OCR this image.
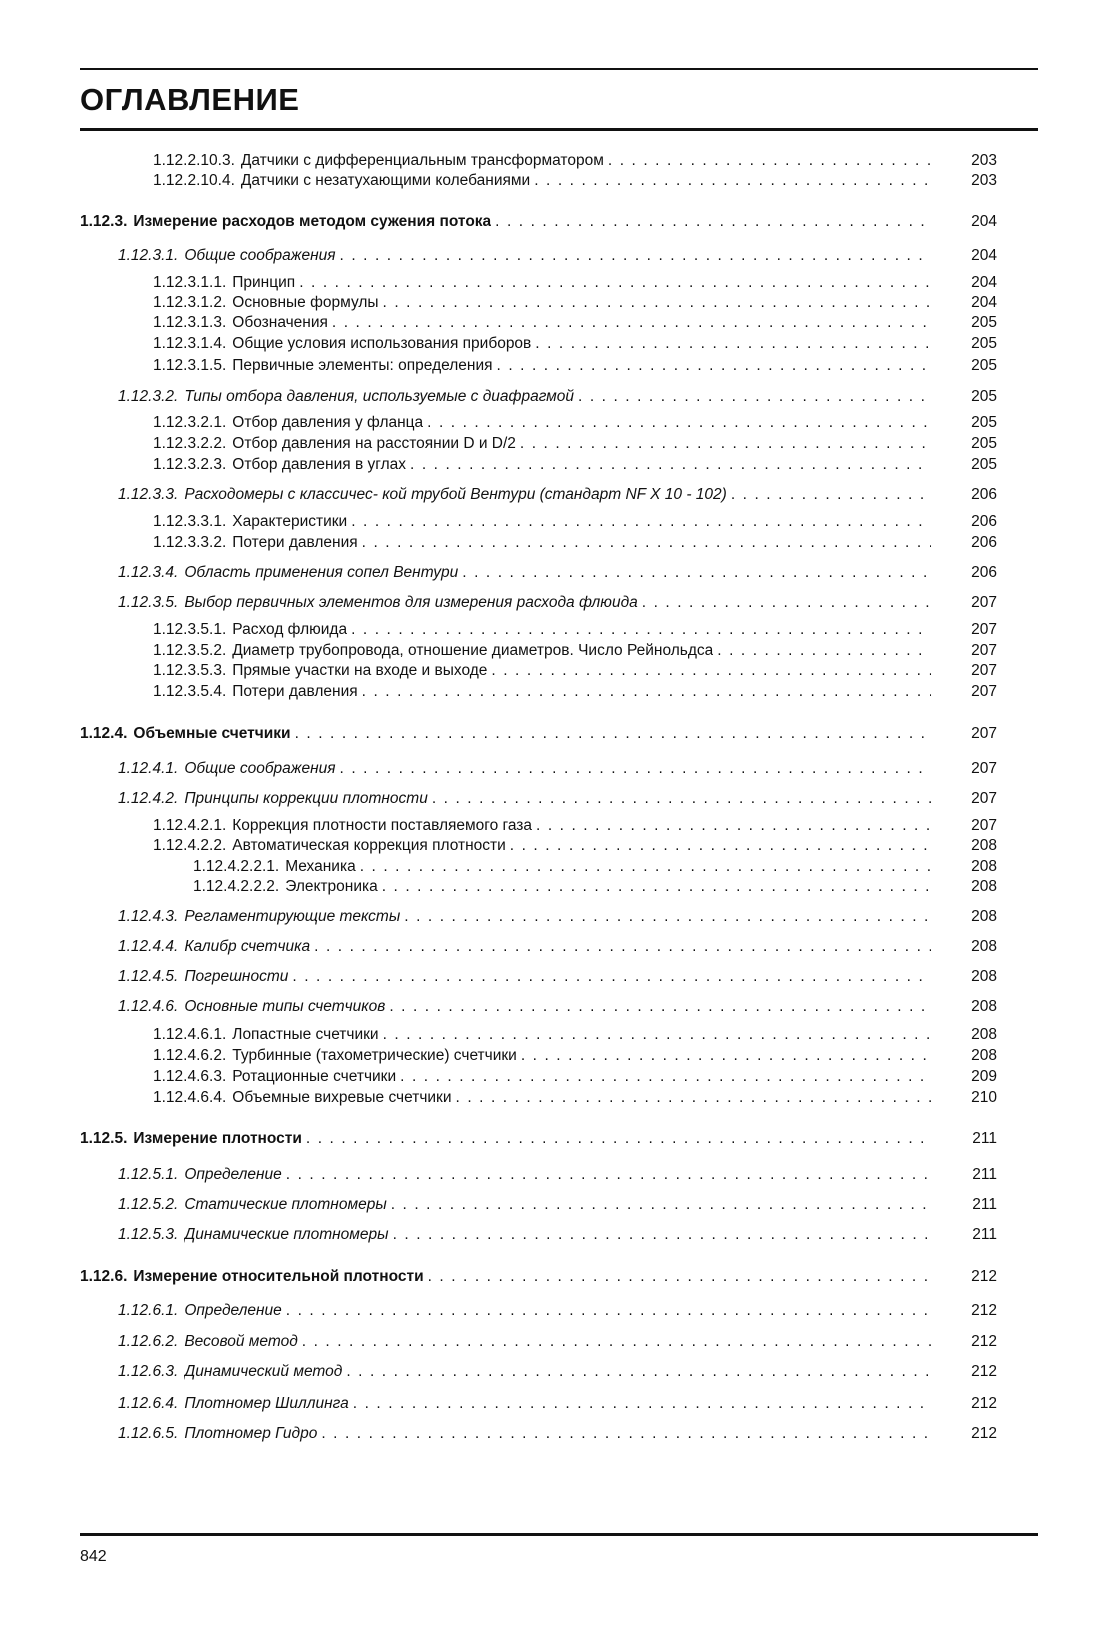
ОГЛАВЛЕНИЕ
1.12.2.10.3. Датчики с дифференциальным трансформатором . . .	203
1.12.2.10.4. Датчики с незатухающими колебаниями . . .	203
1.12.3. Измерение расходов методом сужения потока . . .	204
1.12.3.1. Общие соображения . . .	204
1.12.3.1.1. Принцип . . .	204
1.12.3.1.2. Основные формулы . . .	204
1.12.3.1.3. Обозначения . . .	205
1.12.3.1.4. Общие условия использования приборов . . .	205
1.12.3.1.5. Первичные элементы: определения . . .	205
1.12.3.2. Типы отбора давления, используемые с диафрагмой . . .	205
1.12.3.2.1. Отбор давления у фланца . . .	205
1.12.3.2.2. Отбор давления на расстоянии D и D/2 . . .	205
1.12.3.2.3. Отбор давления в углах . . .	205
1.12.3.3. Расходомеры с классичес- кой трубой Вентури (стандарт NF X 10 - 102) . . .	206
1.12.3.3.1. Характеристики . . .	206
1.12.3.3.2. Потери давления . . .	206
1.12.3.4. Область применения сопел Вентури . . .	206
1.12.3.5. Выбор первичных элементов для измерения расхода флюида . . .	207
1.12.3.5.1. Расход флюида . . .	207
1.12.3.5.2. Диаметр трубопровода, отношение диаметров. Число Рейнольдса . . .	207
1.12.3.5.3. Прямые участки на входе и выходе . . .	207
1.12.3.5.4. Потери давления . . .	207
1.12.4. Объемные счетчики . . .	207
1.12.4.1. Общие соображения . . .	207
1.12.4.2. Принципы коррекции плотности . . .	207
1.12.4.2.1. Коррекция плотности поставляемого газа . . .	207
1.12.4.2.2. Автоматическая коррекция плотности . . .	208
1.12.4.2.2.1. Механика . . .	208
1.12.4.2.2.2. Электроника . . .	208
1.12.4.3. Регламентирующие тексты . . .	208
1.12.4.4. Калибр счетчика . . .	208
1.12.4.5. Погрешности . . .	208
1.12.4.6. Основные типы счетчиков . . .	208
1.12.4.6.1. Лопастные счетчики . . .	208
1.12.4.6.2. Турбинные (тахометрические) счетчики . . .	208
1.12.4.6.3. Ротационные счетчики . . .	209
1.12.4.6.4. Объемные вихревые счетчики . . .	210
1.12.5. Измерение плотности . . .	211
1.12.5.1. Определение . . .	211
1.12.5.2. Статические плотномеры . . .	211
1.12.5.3. Динамические плотномеры . . .	211
1.12.6. Измерение относительной плотности . . .	212
1.12.6.1. Определение . . .	212
1.12.6.2. Весовой метод . . .	212
1.12.6.3. Динамический метод . . .	212
1.12.6.4. Плотномер Шиллинга . . .	212
1.12.6.5. Плотномер Гидро . . .	212
842
